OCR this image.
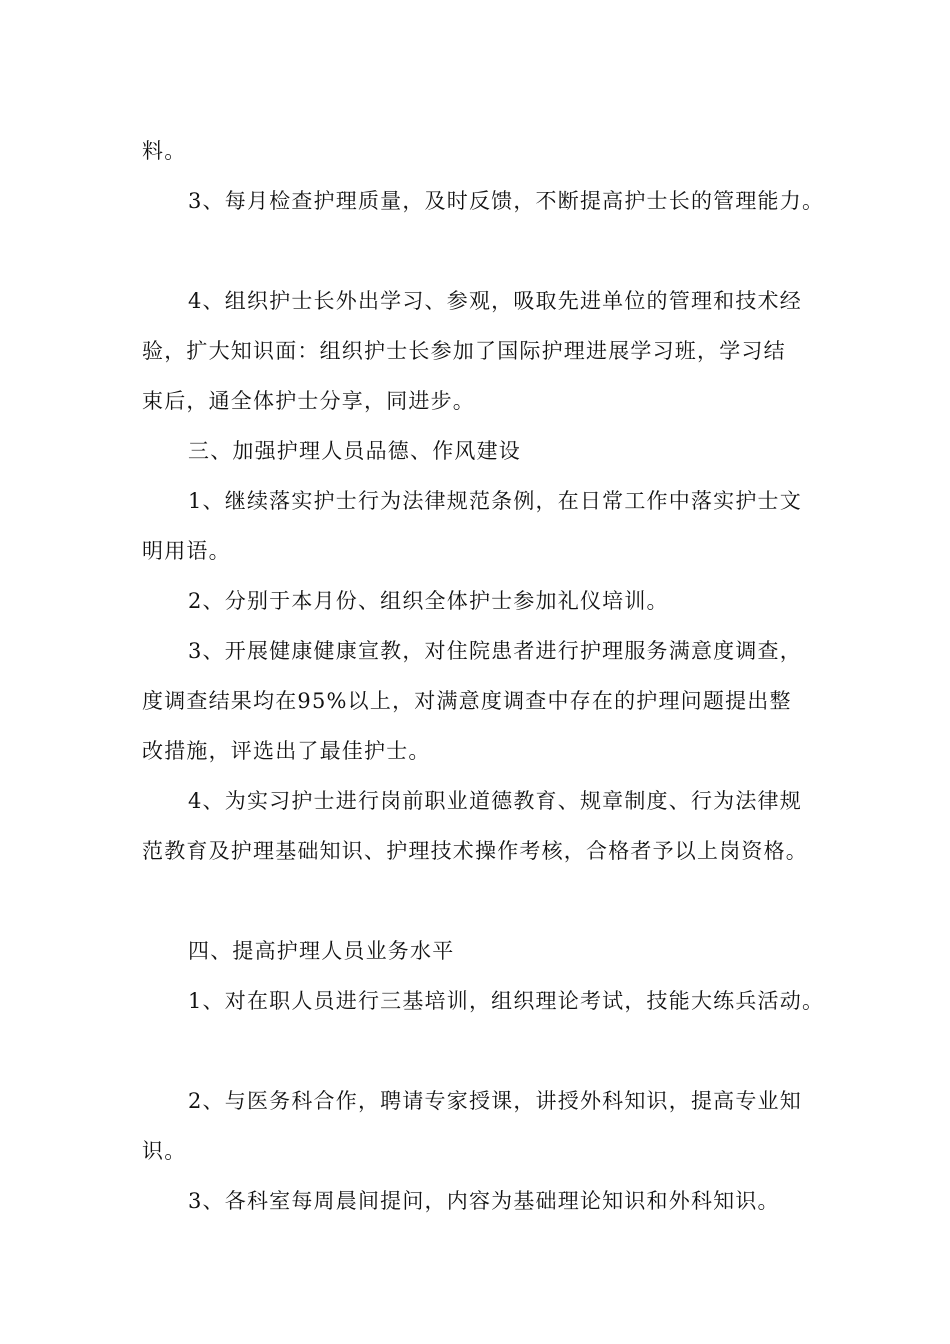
料。
3、每月检查护理质量，及时反馈，不断提高护士长的管理能力。
4、组织护士长外出学习、参观，吸取先进单位的管理和技术经
验，扩大知识面：组织护士长参加了国际护理进展学习班，学习结
束后，通全体护士分享，同进步。
三、加强护理人员品德、作风建设
1、继续落实护士行为法律规范条例，在日常工作中落实护士文
明用语。
2、分别于本月份、组织全体护士参加礼仪培训。
3、开展健康健康宣教，对住院患者进行护理服务满意度调查，
度调查结果均在95%以上，对满意度调查中存在的护理问题提出整
改措施，评选出了最佳护士。
4、为实习护士进行岗前职业道德教育、规章制度、行为法律规
范教育及护理基础知识、护理技术操作考核，合格者予以上岗资格。
四、提高护理人员业务水平
1、对在职人员进行三基培训，组织理论考试，技能大练兵活动。
2、与医务科合作，聘请专家授课，讲授外科知识，提高专业知
识。
3、各科室每周晨间提问，内容为基础理论知识和外科知识。
